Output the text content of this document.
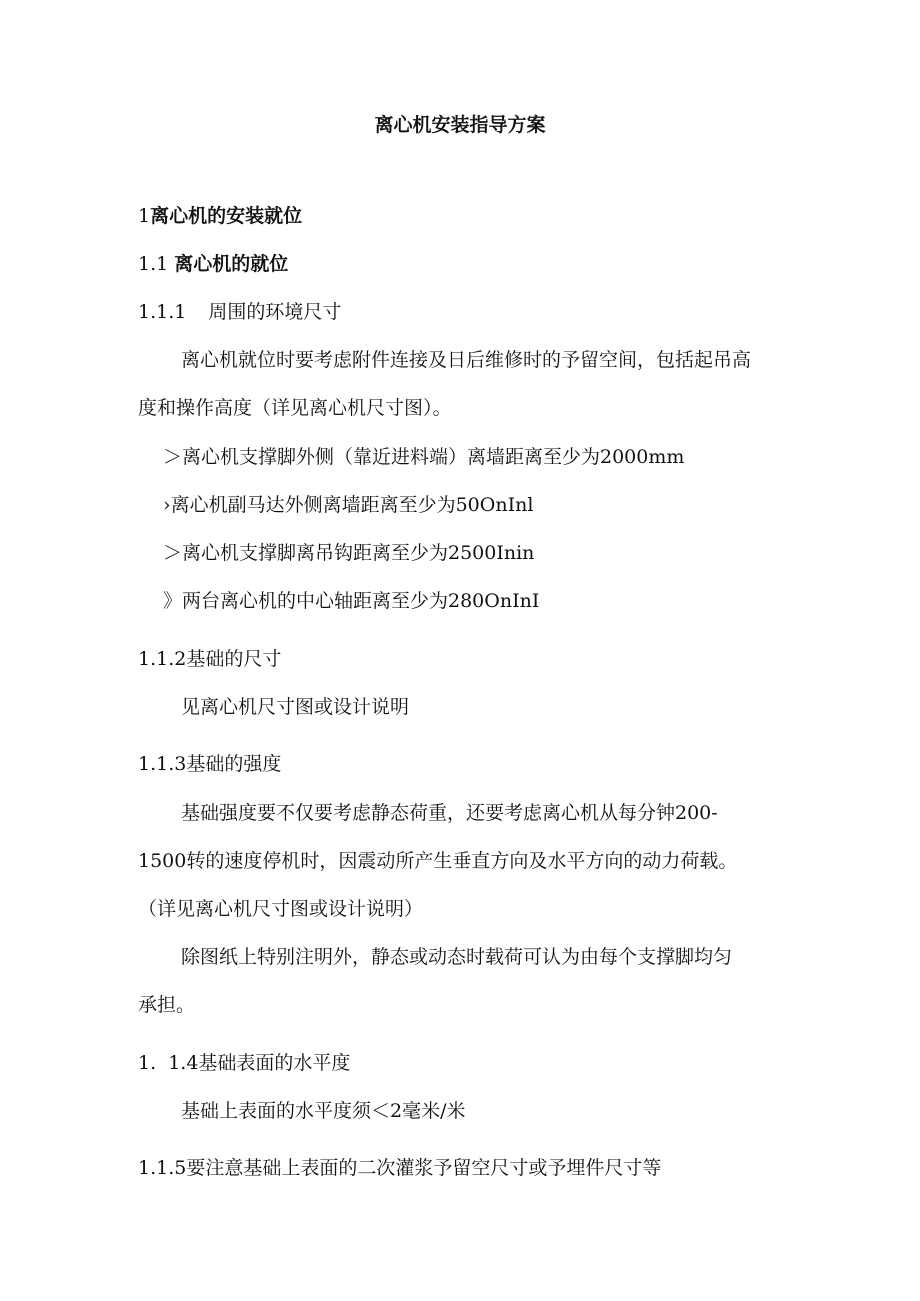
离心机安装指导方案
1离心机的安装就位
1.1 离心机的就位
1.1.1 周围的环境尺寸
离心机就位时要考虑附件连接及日后维修时的予留空间，包括起吊高
度和操作高度（详见离心机尺寸图）。
＞离心机支撑脚外侧（靠近进料端）离墙距离至少为2000mm
›离心机副马达外侧离墙距离至少为50OnInl
＞离心机支撑脚离吊钩距离至少为2500Inin
》两台离心机的中心轴距离至少为280OnInI
1.1.2基础的尺寸
见离心机尺寸图或设计说明
1.1.3基础的强度
基础强度要不仅要考虑静态荷重，还要考虑离心机从每分钟200-
1500转的速度停机时，因震动所产生垂直方向及水平方向的动力荷载。
（详见离心机尺寸图或设计说明）
除图纸上特别注明外，静态或动态时载荷可认为由每个支撑脚均匀
承担。
1.  1.4基础表面的水平度
基础上表面的水平度须＜2毫米/米
1.1.5要注意基础上表面的二次灌浆予留空尺寸或予埋件尺寸等
